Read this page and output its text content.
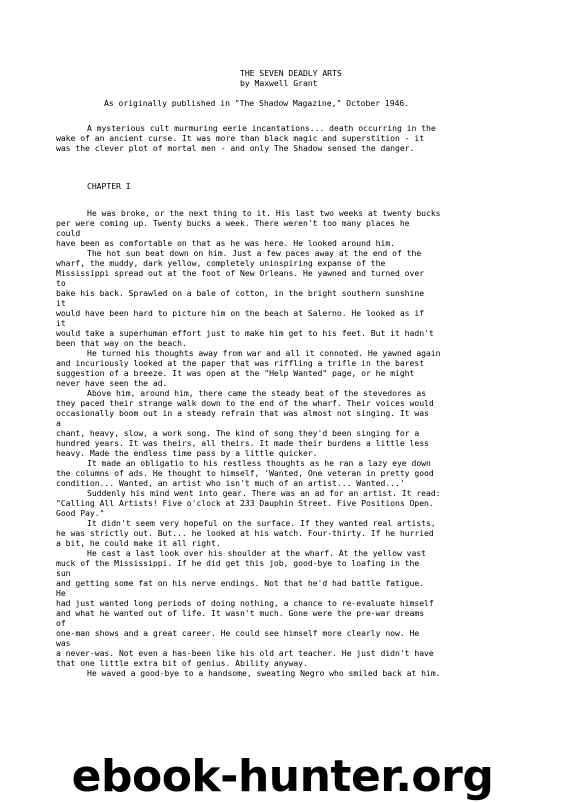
THE SEVEN DEADLY ARTS
by Maxwell Grant
As originally published in "The Shadow Magazine," October 1946.
A mysterious cult murmuring eerie incantations... death occurring in the
wake of an ancient curse. It was more than black magic and superstition - it
was the clever plot of mortal men - and only The Shadow sensed the danger.
CHAPTER I
He was broke, or the next thing to it. His last two weeks at twenty bucks
per were coming up. Twenty bucks a week. There weren't too many places he
could
have been as comfortable on that as he was here. He looked around him.
The hot sun beat down on him. Just a few paces away at the end of the
wharf, the muddy, dark yellow, completely uninspiring expanse of the
Mississippi spread out at the foot of New Orleans. He yawned and turned over
to
bake his back. Sprawled on a bale of cotton, in the bright southern sunshine
it
would have been hard to picture him on the beach at Salerno. He looked as if
it
would take a superhuman effort just to make him get to his feet. But it hadn't
been that way on the beach.
He turned his thoughts away from war and all it connoted. He yawned again
and incuriously looked at the paper that was riffling a trifle in the barest
suggestion of a breeze. It was open at the "Help Wanted" page, or he might
never have seen the ad.
Above him, around him, there came the steady beat of the stevedores as
they paced their strange walk down to the end of the wharf. Their voices would
occasionally boom out in a steady refrain that was almost not singing. It was
a
chant, heavy, slow, a work song. The kind of song they'd been singing for a
hundred years. It was theirs, all theirs. It made their burdens a little less
heavy. Made the endless time pass by a little quicker.
It made an obligatio to his restless thoughts as he ran a lazy eye down
the columns of ads. He thought to himself, 'Wanted, One veteran in pretty good
condition... Wanted, an artist who isn't much of an artist... Wanted...'
Suddenly his mind went into gear. There was an ad for an artist. It read:
"Calling All Artists! Five o'clock at 233 Dauphin Street. Five Positions Open.
Good Pay."
It didn't seem very hopeful on the surface. If they wanted real artists,
he was strictly out. But... he looked at his watch. Four-thirty. If he hurried
a bit, he could make it all right.
He cast a last look over his shoulder at the wharf. At the yellow vast
muck of the Mississippi. If he did get this job, good-bye to loafing in the
sun
and getting some fat on his nerve endings. Not that he'd had battle fatigue.
He
had just wanted long periods of doing nothing, a chance to re-evaluate himself
and what he wanted out of life. It wasn't much. Gone were the pre-war dreams
of
one-man shows and a great career. He could see himself more clearly now. He
was
a never-was. Not even a has-been like his old art teacher. He just didn't have
that one little extra bit of genius. Ability anyway.
He waved a good-bye to a handsome, sweating Negro who smiled back at him.
ebook-hunter.org
